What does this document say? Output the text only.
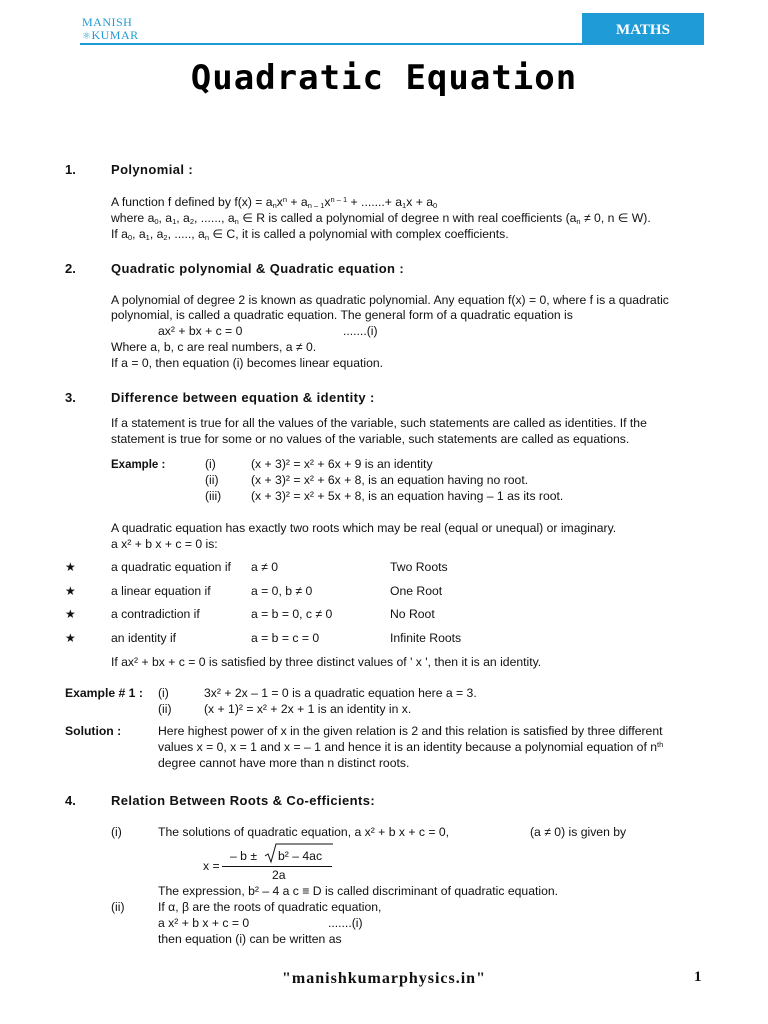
MANISH
⚛KUMAR	MATHS
Quadratic Equation
1.	Polynomial :
A function f defined by $f(x) = a_nx^n + a_{n - 1}x^{n - 1}$ + .......+ $a_1x + a_0$
where $a_0$, $a_1$, $a_2$, ......, $a_n$ ∈ R is called a polynomial of degree n with real coefficients ($a_n \ne 0$, n ∈ W).
If $a_0$, $a_1$, $a_2$, ....., $a_n$ ∈ C, it is called a polynomial with complex coefficients.
2.	Quadratic polynomial & Quadratic equation :
A polynomial of degree 2 is known as quadratic polynomial. Any equation f(x) = 0, where f is a quadratic
polynomial, is called a quadratic equation. The general form of a quadratic equation is
ax² + bx + c = 0	.......(i)
Where a, b, c are real numbers, a ≠ 0.
If a = 0, then equation (i) becomes linear equation.
3.	Difference between equation & identity :
If a statement is true for all the values of the variable, such statements are called as identities. If the
statement is true for some or no values of the variable, such statements are called as equations.
Example :	(i)	(x + 3)² = x² + 6x + 9 is an identity
(ii)	(x + 3)² = x² + 6x + 8, is an equation having no root.
(iii) (x + 3)² = x² + 5x + 8, is an equation having – 1 as its root.
A quadratic equation has exactly two roots which may be real (equal or unequal) or imaginary.
a x² + b x + c = 0 is:
★	a quadratic equation if a ≠ 0	Two Roots
★	a linear equation if	a = 0, b ≠ 0	One Root
★	a contradiction if	a = b = 0, c ≠ 0	No Root
★	an identity if	a = b = c = 0	Infinite Roots
If ax² + bx + c = 0 is satisfied by three distinct values of ' x ', then it is an identity.
Example # 1 : (i)	3x² + 2x – 1 = 0 is a quadratic equation here a = 3.
(ii)	(x + 1)² = x² + 2x + 1 is an identity in x.
Solution :	Here highest power of x in the given relation is 2 and this relation is satisfied by three different
values x = 0, x = 1 and x = – 1 and hence it is an identity because a polynomial equation of $n^{th}$
degree cannot have more than n distinct roots.
4.	Relation Between Roots & Co-efficients:
(i)	The solutions of quadratic equation, a x² + b x + c = 0,	(a ≠ 0) is given by
x =
– b ± b² – 4ac
2a
The expression, b² – 4 a c ≡ D is called discriminant of quadratic equation.
(ii)	If α, β are the roots of quadratic equation,
a x² + b x + c = 0	.......(i)
then equation (i) can be written as
"manishkumarphysics.in"	1
